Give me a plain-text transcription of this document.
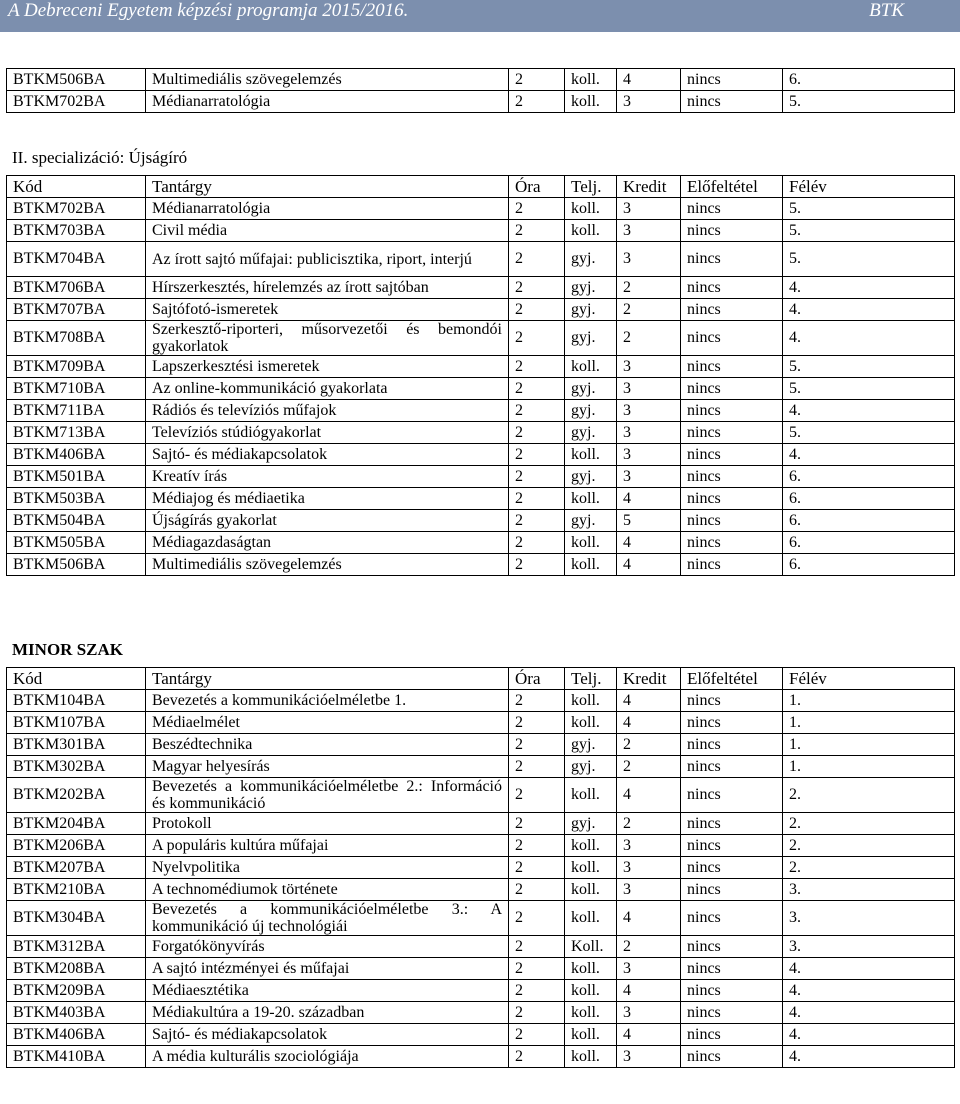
A Debreceni Egyetem képzési programja 2015/2016.	BTK
BTKM506BA	Multimediális szövegelemzés	2	koll.	4	nincs	6.
BTKM702BA	Médianarratológia	2	koll.	3	nincs	5.
II. specializáció: Újságíró
Kód	Tantárgy	Óra	Telj.	Kredit	Előfeltétel	Félév
BTKM702BA	Médianarratológia	2	koll.	3	nincs	5.
BTKM703BA	Civil média	2	koll.	3	nincs	5.
BTKM704BA	Az írott sajtó műfajai: publicisztika, riport, interjú	2	gyj.	3	nincs	5.
BTKM706BA	Hírszerkesztés, hírelemzés az írott sajtóban	2	gyj.	2	nincs	4.
BTKM707BA	Sajtófotó-ismeretek	2	gyj.	2	nincs	4.
BTKM708BA	Szerkesztő-riporteri, műsorvezetői és bemondói gyakorlatok	2	gyj.	2	nincs	4.
BTKM709BA	Lapszerkesztési ismeretek	2	koll.	3	nincs	5.
BTKM710BA	Az online-kommunikáció gyakorlata	2	gyj.	3	nincs	5.
BTKM711BA	Rádiós és televíziós műfajok	2	gyj.	3	nincs	4.
BTKM713BA	Televíziós stúdiógyakorlat	2	gyj.	3	nincs	5.
BTKM406BA	Sajtó- és médiakapcsolatok	2	koll.	3	nincs	4.
BTKM501BA	Kreatív írás	2	gyj.	3	nincs	6.
BTKM503BA	Médiajog és médiaetika	2	koll.	4	nincs	6.
BTKM504BA	Újságírás gyakorlat	2	gyj.	5	nincs	6.
BTKM505BA	Médiagazdaságtan	2	koll.	4	nincs	6.
BTKM506BA	Multimediális szövegelemzés	2	koll.	4	nincs	6.
MINOR SZAK
Kód	Tantárgy	Óra	Telj.	Kredit	Előfeltétel	Félév
BTKM104BA	Bevezetés a kommunikációelméletbe 1.	2	koll.	4	nincs	1.
BTKM107BA	Médiaelmélet	2	koll.	4	nincs	1.
BTKM301BA	Beszédtechnika	2	gyj.	2	nincs	1.
BTKM302BA	Magyar helyesírás	2	gyj.	2	nincs	1.
BTKM202BA	Bevezetés a kommunikációelméletbe 2.: Információ és kommunikáció	2	koll.	4	nincs	2.
BTKM204BA	Protokoll	2	gyj.	2	nincs	2.
BTKM206BA	A populáris kultúra műfajai	2	koll.	3	nincs	2.
BTKM207BA	Nyelvpolitika	2	koll.	3	nincs	2.
BTKM210BA	A technomédiumok története	2	koll.	3	nincs	3.
BTKM304BA	Bevezetés a kommunikációelméletbe 3.: A kommunikáció új technológiái	2	koll.	4	nincs	3.
BTKM312BA	Forgatókönyvírás	2	Koll.	2	nincs	3.
BTKM208BA	A sajtó intézményei és műfajai	2	koll.	3	nincs	4.
BTKM209BA	Médiaesztétika	2	koll.	4	nincs	4.
BTKM403BA	Médiakultúra a 19-20. században	2	koll.	3	nincs	4.
BTKM406BA	Sajtó- és médiakapcsolatok	2	koll.	4	nincs	4.
BTKM410BA	A média kulturális szociológiája	2	koll.	3	nincs	4.
